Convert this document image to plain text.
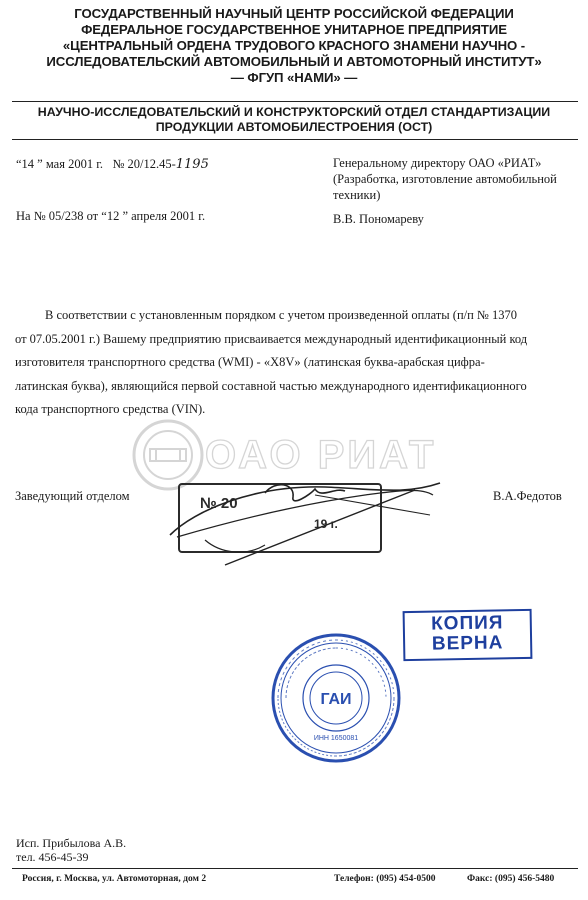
ГОСУДАРСТВЕННЫЙ НАУЧНЫЙ ЦЕНТР РОССИЙСКОЙ ФЕДЕРАЦИИ
ФЕДЕРАЛЬНОЕ ГОСУДАРСТВЕННОЕ УНИТАРНОЕ ПРЕДПРИЯТИЕ
«ЦЕНТРАЛЬНЫЙ ОРДЕНА ТРУДОВОГО КРАСНОГО ЗНАМЕНИ НАУЧНО -
ИССЛЕДОВАТЕЛЬСКИЙ АВТОМОБИЛЬНЫЙ И АВТОМОТОРНЫЙ ИНСТИТУТ»
— ФГУП «НАМИ» —
НАУЧНО-ИССЛЕДОВАТЕЛЬСКИЙ И КОНСТРУКТОРСКИЙ ОТДЕЛ СТАНДАРТИЗАЦИИ
ПРОДУКЦИИ АВТОМОБИЛЕСТРОЕНИЯ (ОСТ)
“14 ” мая 2001 г. № 20/12.45-1195
На № 05/238 от “12 ” апреля 2001 г.
Генеральному директору ОАО «РИАТ»
(Разработка, изготовление автомобильной
техники)
В.В. Пономареву
В соответствии с установленным порядком с учетом произведенной оплаты (п/п № 1370
от 07.05.2001 г.) Вашему предприятию присваивается международный идентификационный код
изготовителя транспортного средства (WMI) - «X8V» (латинская буква-арабская цифра-
латинская буква), являющийся первой составной частью международного идентификационного
кода транспортного средства (VIN).
ОАО РИАТ
Заведующий отделом	В.А.Федотов
№ 20
19 г.
КОПИЯ
ВЕРНА
ГАИ
ИНН 1650081
Исп. Прибылова А.В.
тел. 456-45-39
Россия, г. Москва, ул. Автомоторная, дом 2	Телефон: (095) 454-0500	Факс: (095) 456-5480
